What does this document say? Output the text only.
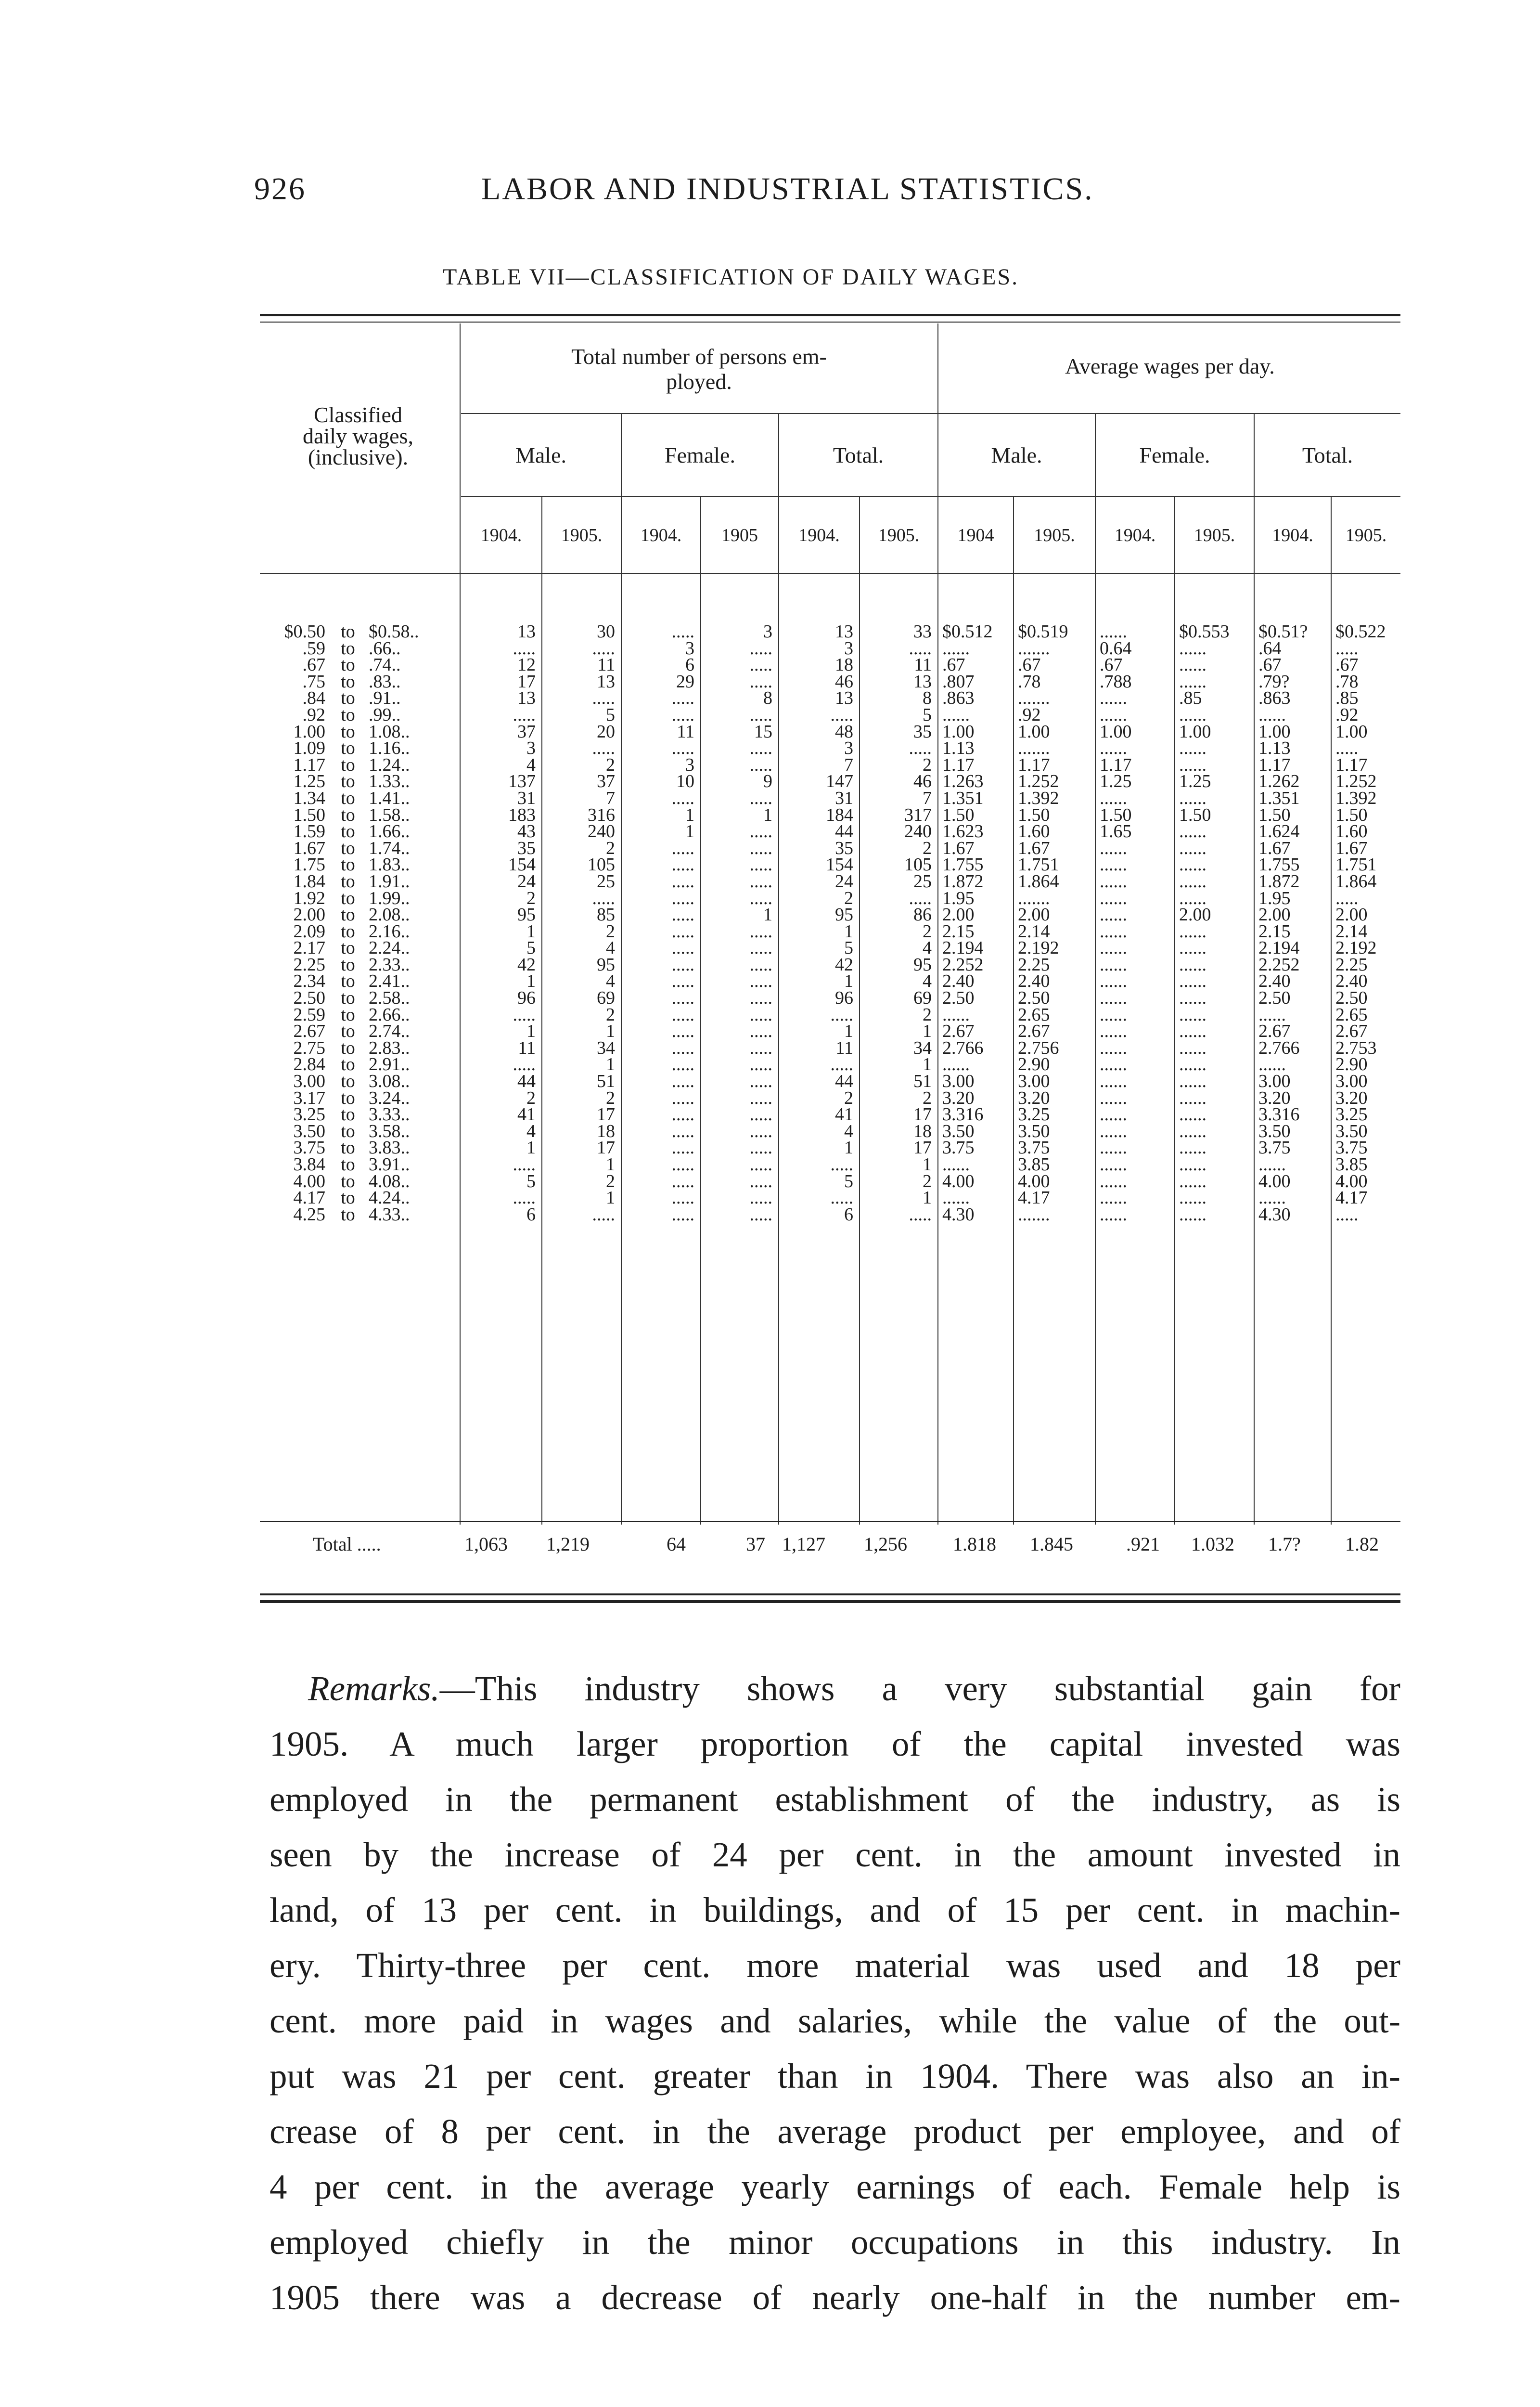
926	LABOR AND INDUSTRIAL STATISTICS.
TABLE VII—CLASSIFICATION OF DAILY WAGES.
Classified
daily wages,
(inclusive).
Total number of persons em-
ployed.
Average wages per day.
Male.	Female.	Total.	Male.	Female.	Total.
1904.	1905.	1904.	1905	1904.	1905.	1904	1905.	1904.	1905.	1904.	1905.
$0.50	to	$0.58..	13	30	.....	3	13	33	$0.512	$0.519	......	$0.553	$0.51?	$0.522
.59	to	.66..	.....	.....	3	.....	3	.....	......	.......	0.64	......	.64	.....
.67	to	.74..	12	11	6	.....	18	11	.67	.67	.67	......	.67	.67
.75	to	.83..	17	13	29	.....	46	13	.807	.78	.788	......	.79?	.78
.84	to	.91..	13	.....	.....	8	13	8	.863	.......	......	.85	.863	.85
.92	to	.99..	.....	5	.....	.....	.....	5	......	.92	......	......	......	.92
1.00	to	1.08..	37	20	11	15	48	35	1.00	1.00	1.00	1.00	1.00	1.00
1.09	to	1.16..	3	.....	.....	.....	3	.....	1.13	.......	......	......	1.13	.....
1.17	to	1.24..	4	2	3	.....	7	2	1.17	1.17	1.17	......	1.17	1.17
1.25	to	1.33..	137	37	10	9	147	46	1.263	1.252	1.25	1.25	1.262	1.252
1.34	to	1.41..	31	7	.....	.....	31	7	1.351	1.392	......	......	1.351	1.392
1.50	to	1.58..	183	316	1	1	184	317	1.50	1.50	1.50	1.50	1.50	1.50
1.59	to	1.66..	43	240	1	.....	44	240	1.623	1.60	1.65	......	1.624	1.60
1.67	to	1.74..	35	2	.....	.....	35	2	1.67	1.67	......	......	1.67	1.67
1.75	to	1.83..	154	105	.....	.....	154	105	1.755	1.751	......	......	1.755	1.751
1.84	to	1.91..	24	25	.....	.....	24	25	1.872	1.864	......	......	1.872	1.864
1.92	to	1.99..	2	.....	.....	.....	2	.....	1.95	.......	......	......	1.95	.....
2.00	to	2.08..	95	85	.....	1	95	86	2.00	2.00	......	2.00	2.00	2.00
2.09	to	2.16..	1	2	.....	.....	1	2	2.15	2.14	......	......	2.15	2.14
2.17	to	2.24..	5	4	.....	.....	5	4	2.194	2.192	......	......	2.194	2.192
2.25	to	2.33..	42	95	.....	.....	42	95	2.252	2.25	......	......	2.252	2.25
2.34	to	2.41..	1	4	.....	.....	1	4	2.40	2.40	......	......	2.40	2.40
2.50	to	2.58..	96	69	.....	.....	96	69	2.50	2.50	......	......	2.50	2.50
2.59	to	2.66..	.....	2	.....	.....	.....	2	......	2.65	......	......	......	2.65
2.67	to	2.74..	1	1	.....	.....	1	1	2.67	2.67	......	......	2.67	2.67
2.75	to	2.83..	11	34	.....	.....	11	34	2.766	2.756	......	......	2.766	2.753
2.84	to	2.91..	.....	1	.....	.....	.....	1	......	2.90	......	......	......	2.90
3.00	to	3.08..	44	51	.....	.....	44	51	3.00	3.00	......	......	3.00	3.00
3.17	to	3.24..	2	2	.....	.....	2	2	3.20	3.20	......	......	3.20	3.20
3.25	to	3.33..	41	17	.....	.....	41	17	3.316	3.25	......	......	3.316	3.25
3.50	to	3.58..	4	18	.....	.....	4	18	3.50	3.50	......	......	3.50	3.50
3.75	to	3.83..	1	17	.....	.....	1	17	3.75	3.75	......	......	3.75	3.75
3.84	to	3.91..	.....	1	.....	.....	.....	1	......	3.85	......	......	......	3.85
4.00	to	4.08..	5	2	.....	.....	5	2	4.00	4.00	......	......	4.00	4.00
4.17	to	4.24..	.....	1	.....	.....	.....	1	......	4.17	......	......	......	4.17
4.25	to	4.33..	6	.....	.....	.....	6	.....	4.30	.......	......	......	4.30	.....
Total .....	1,063 1,219	64	37 1,127 1,256 1.818 1.845	.921 1.032 1.7? 1.82
Remarks.—This industry shows a very substantial gain for
1905. A much larger proportion of the capital invested was
employed in the permanent establishment of the industry, as is
seen by the increase of 24 per cent. in the amount invested in
land, of 13 per cent. in buildings, and of 15 per cent. in machin-
ery. Thirty-three per cent. more material was used and 18 per
cent. more paid in wages and salaries, while the value of the out-
put was 21 per cent. greater than in 1904. There was also an in-
crease of 8 per cent. in the average product per employee, and of
4 per cent. in the average yearly earnings of each. Female help is
employed chiefly in the minor occupations in this industry. In
1905 there was a decrease of nearly one-half in the number em-
